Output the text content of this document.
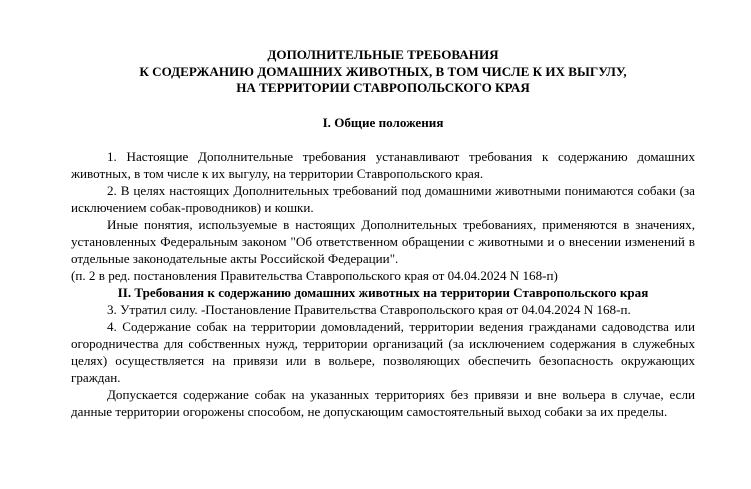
ДОПОЛНИТЕЛЬНЫЕ ТРЕБОВАНИЯ
К СОДЕРЖАНИЮ ДОМАШНИХ ЖИВОТНЫХ, В ТОМ ЧИСЛЕ К ИХ ВЫГУЛУ,
НА ТЕРРИТОРИИ СТАВРОПОЛЬСКОГО КРАЯ
I. Общие положения

1. Настоящие Дополнительные требования устанавливают требования к содержанию домашних животных, в том числе к их выгулу, на территории Ставропольского края.

2. В целях настоящих Дополнительных требований под домашними животными понимаются собаки (за исключением собак-проводников) и кошки.

Иные понятия, используемые в настоящих Дополнительных требованиях, применяются в значениях, установленных Федеральным законом "Об ответственном обращении с животными и о внесении изменений в отдельные законодательные акты Российской Федерации".

(п. 2 в ред. постановления Правительства Ставропольского края от 04.04.2024 N 168-п)

II. Требования к содержанию домашних животных на территории Ставропольского края

3. Утратил силу. -Постановление Правительства Ставропольского края от 04.04.2024 N 168-п.

4. Содержание собак на территории домовладений, территории ведения гражданами садоводства или огородничества для собственных нужд, территории организаций (за исключением содержания в служебных целях) осуществляется на привязи или в вольере, позволяющих обеспечить безопасность окружающих граждан.

Допускается содержание собак на указанных территориях без привязи и вне вольера в случае, если данные территории огорожены способом, не допускающим самостоятельный выход собаки за их пределы.
